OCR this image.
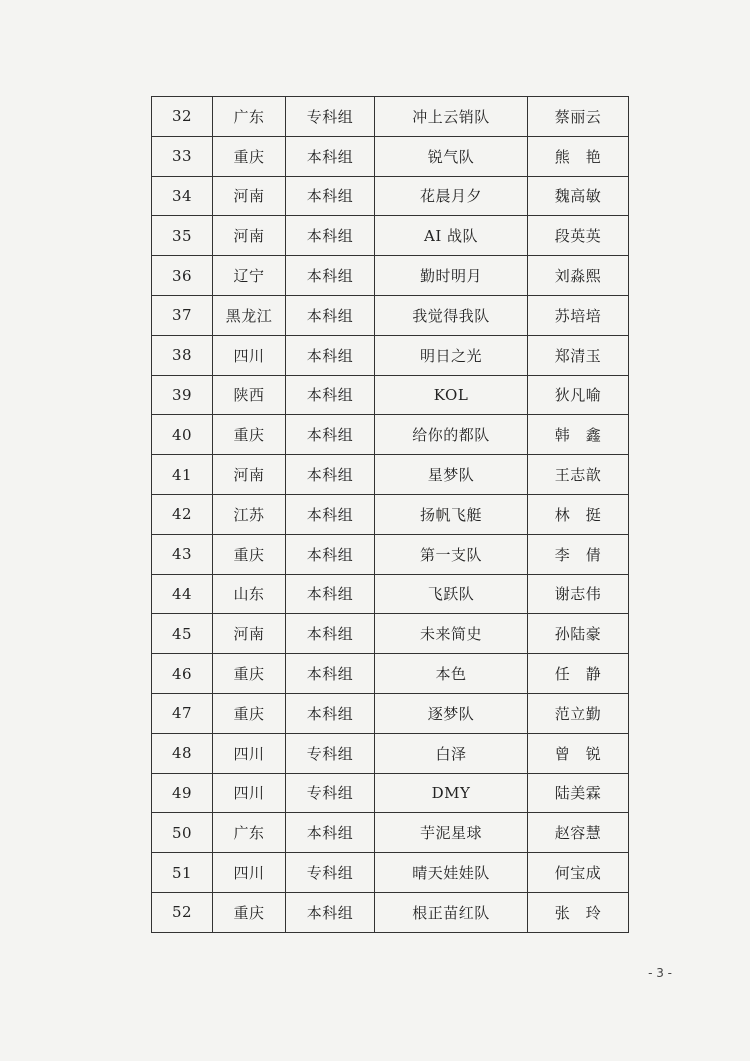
32	广东	专科组	冲上云销队	蔡丽云
33	重庆	本科组	锐气队	熊　艳
34	河南	本科组	花晨月夕	魏高敏
35	河南	本科组	AI 战队	段英英
36	辽宁	本科组	勤时明月	刘淼熙
37	黑龙江	本科组	我觉得我队	苏培培
38	四川	本科组	明日之光	郑清玉
39	陕西	本科组	KOL	狄凡喻
40	重庆	本科组	给你的都队	韩　鑫
41	河南	本科组	星梦队	王志歆
42	江苏	本科组	扬帆飞艇	林　挺
43	重庆	本科组	第一支队	李　倩
44	山东	本科组	飞跃队	谢志伟
45	河南	本科组	未来简史	孙陆豪
46	重庆	本科组	本色	任　静
47	重庆	本科组	逐梦队	范立勤
48	四川	专科组	白泽	曾　锐
49	四川	专科组	DMY	陆美霖
50	广东	本科组	芋泥星球	赵容慧
51	四川	专科组	晴天娃娃队	何宝成
52	重庆	本科组	根正苗红队	张　玲
- 3 -
